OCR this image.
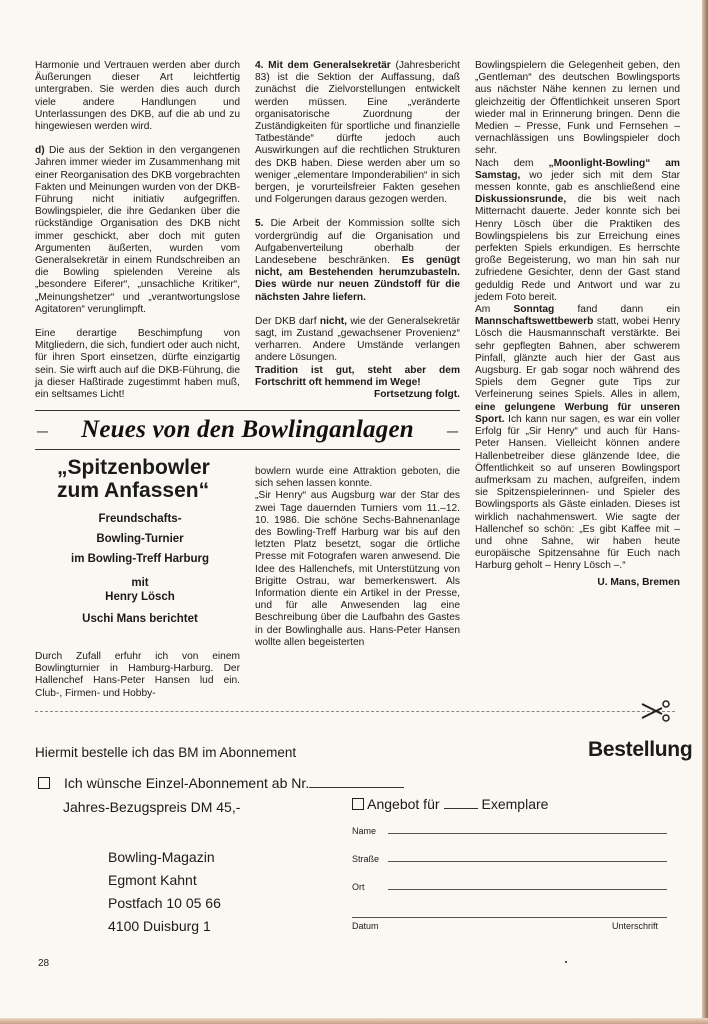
Harmonie und Vertrauen werden aber durch Äußerungen dieser Art leichtfertig untergraben. Sie werden dies auch durch viele andere Handlungen und Unterlassungen des DKB, auf die ab und zu hingewiesen werden wird.

d) Die aus der Sektion in den vergangenen Jahren immer wieder im Zusammenhang mit einer Reorganisation des DKB vorgebrachten Fakten und Meinungen wurden von der DKB-Führung nicht initiativ aufgegriffen. Bowlingspieler, die ihre Gedanken über die rückständige Organisation des DKB nicht immer geschickt, aber doch mit guten Argumenten äußerten, wurden vom Generalsekretär in einem Rundschreiben an die Bowling spielenden Vereine als „besondere Eiferer“, „unsachliche Kritiker“, „Meinungshetzer“ und „verantwortungslose Agitatoren“ verunglimpft.

Eine derartige Beschimpfung von Mitgliedern, die sich, fundiert oder auch nicht, für ihren Sport einsetzen, dürfte einzigartig sein. Sie wirft auch auf die DKB-Führung, die ja dieser Haßtirade zugestimmt haben muß, ein seltsames Licht!

4. Mit dem Generalsekretär (Jahresbericht 83) ist die Sektion der Auffassung, daß zunächst die Zielvorstellungen entwickelt werden müssen. Eine „veränderte organisatorische Zuordnung der Zuständigkeiten für sportliche und finanzielle Tatbestände“ dürfte jedoch auch Auswirkungen auf die rechtlichen Strukturen des DKB haben. Diese werden aber um so weniger „elementare Imponderabilien“ in sich bergen, je vorurteilsfreier Fakten gesehen und Folgerungen daraus gezogen werden.

5. Die Arbeit der Kommission sollte sich vordergründig auf die Organisation und Aufgabenverteilung oberhalb der Landesebene beschränken. Es genügt nicht, am Bestehenden herumzubasteln. Dies würde nur neuen Zündstoff für die nächsten Jahre liefern.

Der DKB darf nicht, wie der Generalsekretär sagt, im Zustand „gewachsener Provenienz“ verharren. Andere Umstände verlangen andere Lösungen.

Tradition ist gut, steht aber dem Fortschritt oft hemmend im Wege!

Fortsetzung folgt.

Bowlingspielern die Gelegenheit geben, den „Gentleman“ des deutschen Bowlingsports aus nächster Nähe kennen zu lernen und gleichzeitig der Öffentlichkeit unseren Sport wieder mal in Erinnerung bringen. Denn die Medien – Presse, Funk und Fernsehen – vernachlässigen uns Bowlingspieler doch sehr.

Nach dem „Moonlight-Bowling“ am Samstag, wo jeder sich mit dem Star messen konnte, gab es anschließend eine Diskussionsrunde, die bis weit nach Mitternacht dauerte. Jeder konnte sich bei Henry Lösch über die Praktiken des Bowlingspielens bis zur Erreichung eines perfekten Spiels erkundigen. Es herrschte große Begeisterung, wo man hin sah nur zufriedene Gesichter, denn der Gast stand geduldig Rede und Antwort und war zu jedem Foto bereit.

Am Sonntag fand dann ein Mannschaftswettbewerb statt, wobei Henry Lösch die Hausmannschaft verstärkte. Bei sehr gepflegten Bahnen, aber schwerem Pinfall, glänzte auch hier der Gast aus Augsburg. Er gab sogar noch während des Spiels dem Gegner gute Tips zur Verfeinerung seines Spiels. Alles in allem, eine gelungene Werbung für unseren Sport. Ich kann nur sagen, es war ein voller Erfolg für „Sir Henry“ und auch für Hans-Peter Hansen. Vielleicht können andere Hallenbetreiber diese glänzende Idee, die Öffentlichkeit so auf unseren Bowlingsport aufmerksam zu machen, aufgreifen, indem sie Spitzenspielerinnen- und Spieler des Bowlingsports als Gäste einladen. Dieses ist wirklich nachahmenswert. Wie sagte der Hallenchef so schön: „Es gibt Kaffee mit – und ohne Sahne, wir haben heute europäische Spitzensahne für Euch nach Harburg geholt – Henry Lösch –.“

U. Mans, Bremen

– Neues von den Bowlinganlagen –
„Spitzenbowler zum Anfassen“
Freundschafts-
Bowling-Turnier
im Bowling-Treff Harburg
mit
Henry Lösch
Uschi Mans berichtet

Durch Zufall erfuhr ich von einem Bowlingturnier in Hamburg-Harburg. Der Hallenchef Hans-Peter Hansen lud ein. Club-, Firmen- und Hobby-

bowlern wurde eine Attraktion geboten, die sich sehen lassen konnte.

„Sir Henry“ aus Augsburg war der Star des zwei Tage dauernden Turniers vom 11.–12. 10. 1986. Die schöne Sechs-Bahnenanlage des Bowling-Treff Harburg war bis auf den letzten Platz besetzt, sogar die örtliche Presse mit Fotografen waren anwesend. Die Idee des Hallenchefs, mit Unterstützung von Brigitte Ostrau, war bemerkenswert. Als Information diente ein Artikel in der Presse, und für alle Anwesenden lag eine Beschreibung über die Laufbahn des Gastes in der Bowlinghalle aus. Hans-Peter Hansen wollte allen begeisterten

Hiermit bestelle ich das BM im Abonnement	Bestellung
Ich wünsche Einzel-Abonnement ab Nr.
Jahres-Bezugspreis DM 45,-
Bowling-Magazin
Egmont Kahnt
Postfach 10 05 66
4100 Duisburg 1
Angebot für	Exemplare
Name
Straße
Ort
Datum	Unterschrift
28
